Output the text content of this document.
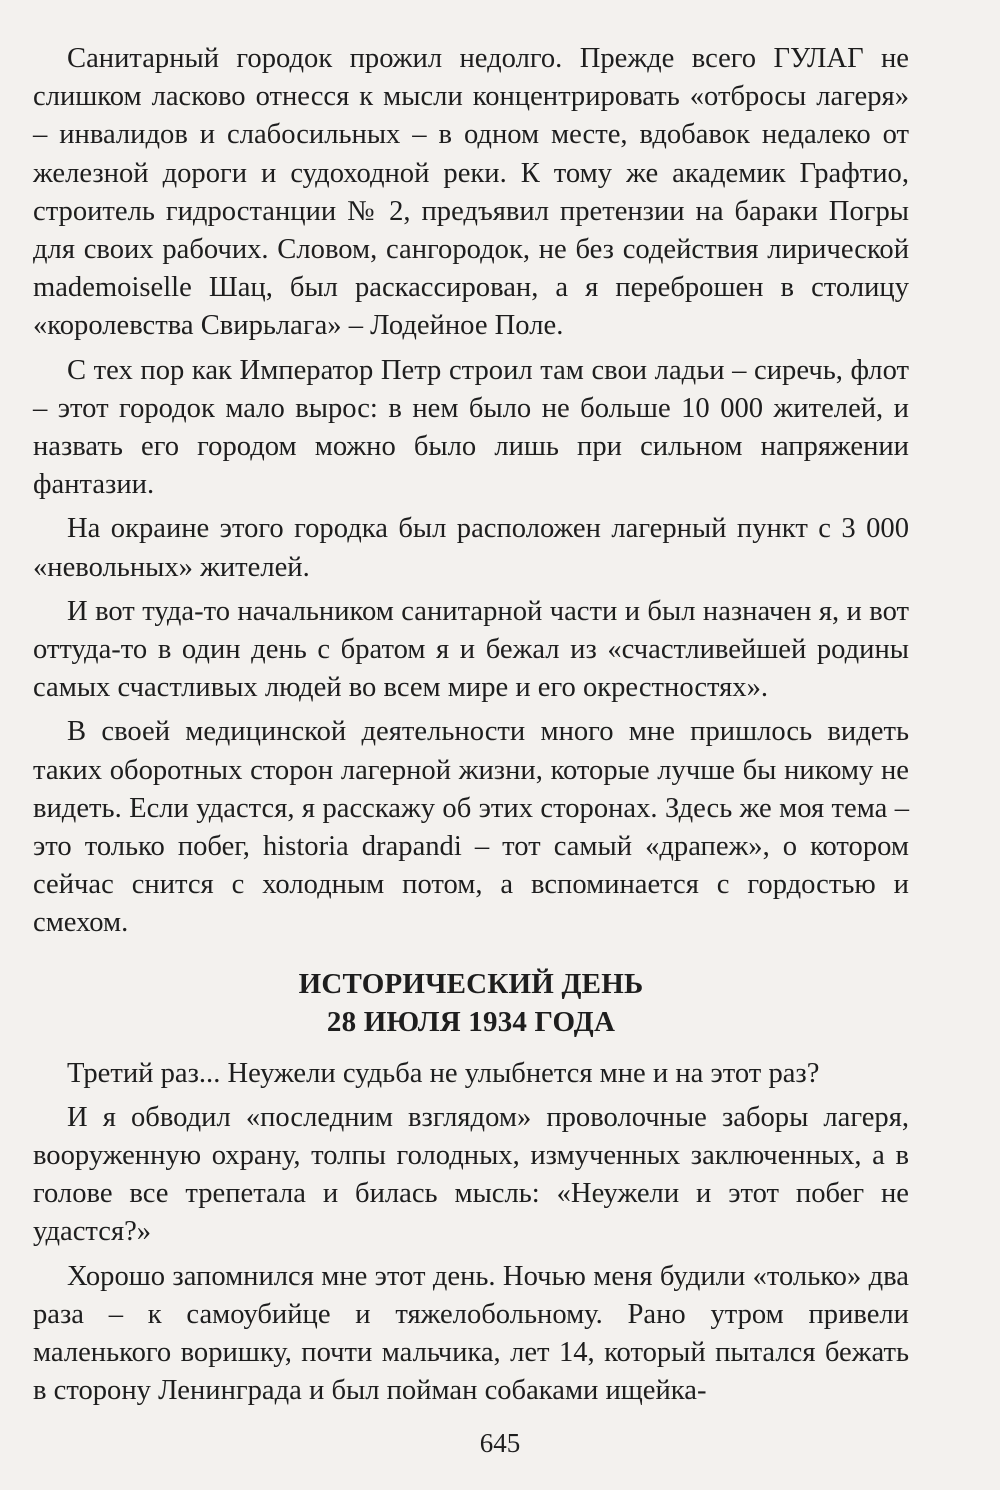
Санитарный городок прожил недолго. Прежде всего ГУЛАГ не слишком ласково отнесся к мысли концентрировать «отбросы лагеря» – инвалидов и слабосильных – в одном месте, вдобавок недалеко от железной дороги и судоходной реки. К тому же академик Графтио, строитель гидростанции № 2, предъявил претензии на бараки Погры для своих рабочих. Словом, сангородок, не без содействия лирической mademoiselle Шац, был раскассирован, а я переброшен в столицу «королевства Свирьлага» – Лодейное Поле.

С тех пор как Император Петр строил там свои ладьи – сиречь, флот – этот городок мало вырос: в нем было не больше 10 000 жителей, и назвать его городом можно было лишь при сильном напряжении фантазии.

На окраине этого городка был расположен лагерный пункт с 3 000 «невольных» жителей.

И вот туда-то начальником санитарной части и был назначен я, и вот оттуда-то в один день с братом я и бежал из «счастливейшей родины самых счастливых людей во всем мире и его окрестностях».

В своей медицинской деятельности много мне пришлось видеть таких оборотных сторон лагерной жизни, которые лучше бы никому не видеть. Если удастся, я расскажу об этих сторонах. Здесь же моя тема – это только побег, historia drapandi – тот самый «драпеж», о котором сейчас снится с холодным потом, а вспоминается с гордостью и смехом.

ИСТОРИЧЕСКИЙ ДЕНЬ
28 ИЮЛЯ 1934 ГОДА

Третий раз... Неужели судьба не улыбнется мне и на этот раз?

И я обводил «последним взглядом» проволочные заборы лагеря, вооруженную охрану, толпы голодных, измученных заключенных, а в голове все трепетала и билась мысль: «Неужели и этот побег не удастся?»

Хорошо запомнился мне этот день. Ночью меня будили «только» два раза – к самоубийце и тяжелобольному. Рано утром привели маленького воришку, почти мальчика, лет 14, который пытался бежать в сторону Ленинграда и был пойман собаками ищейка-

645
